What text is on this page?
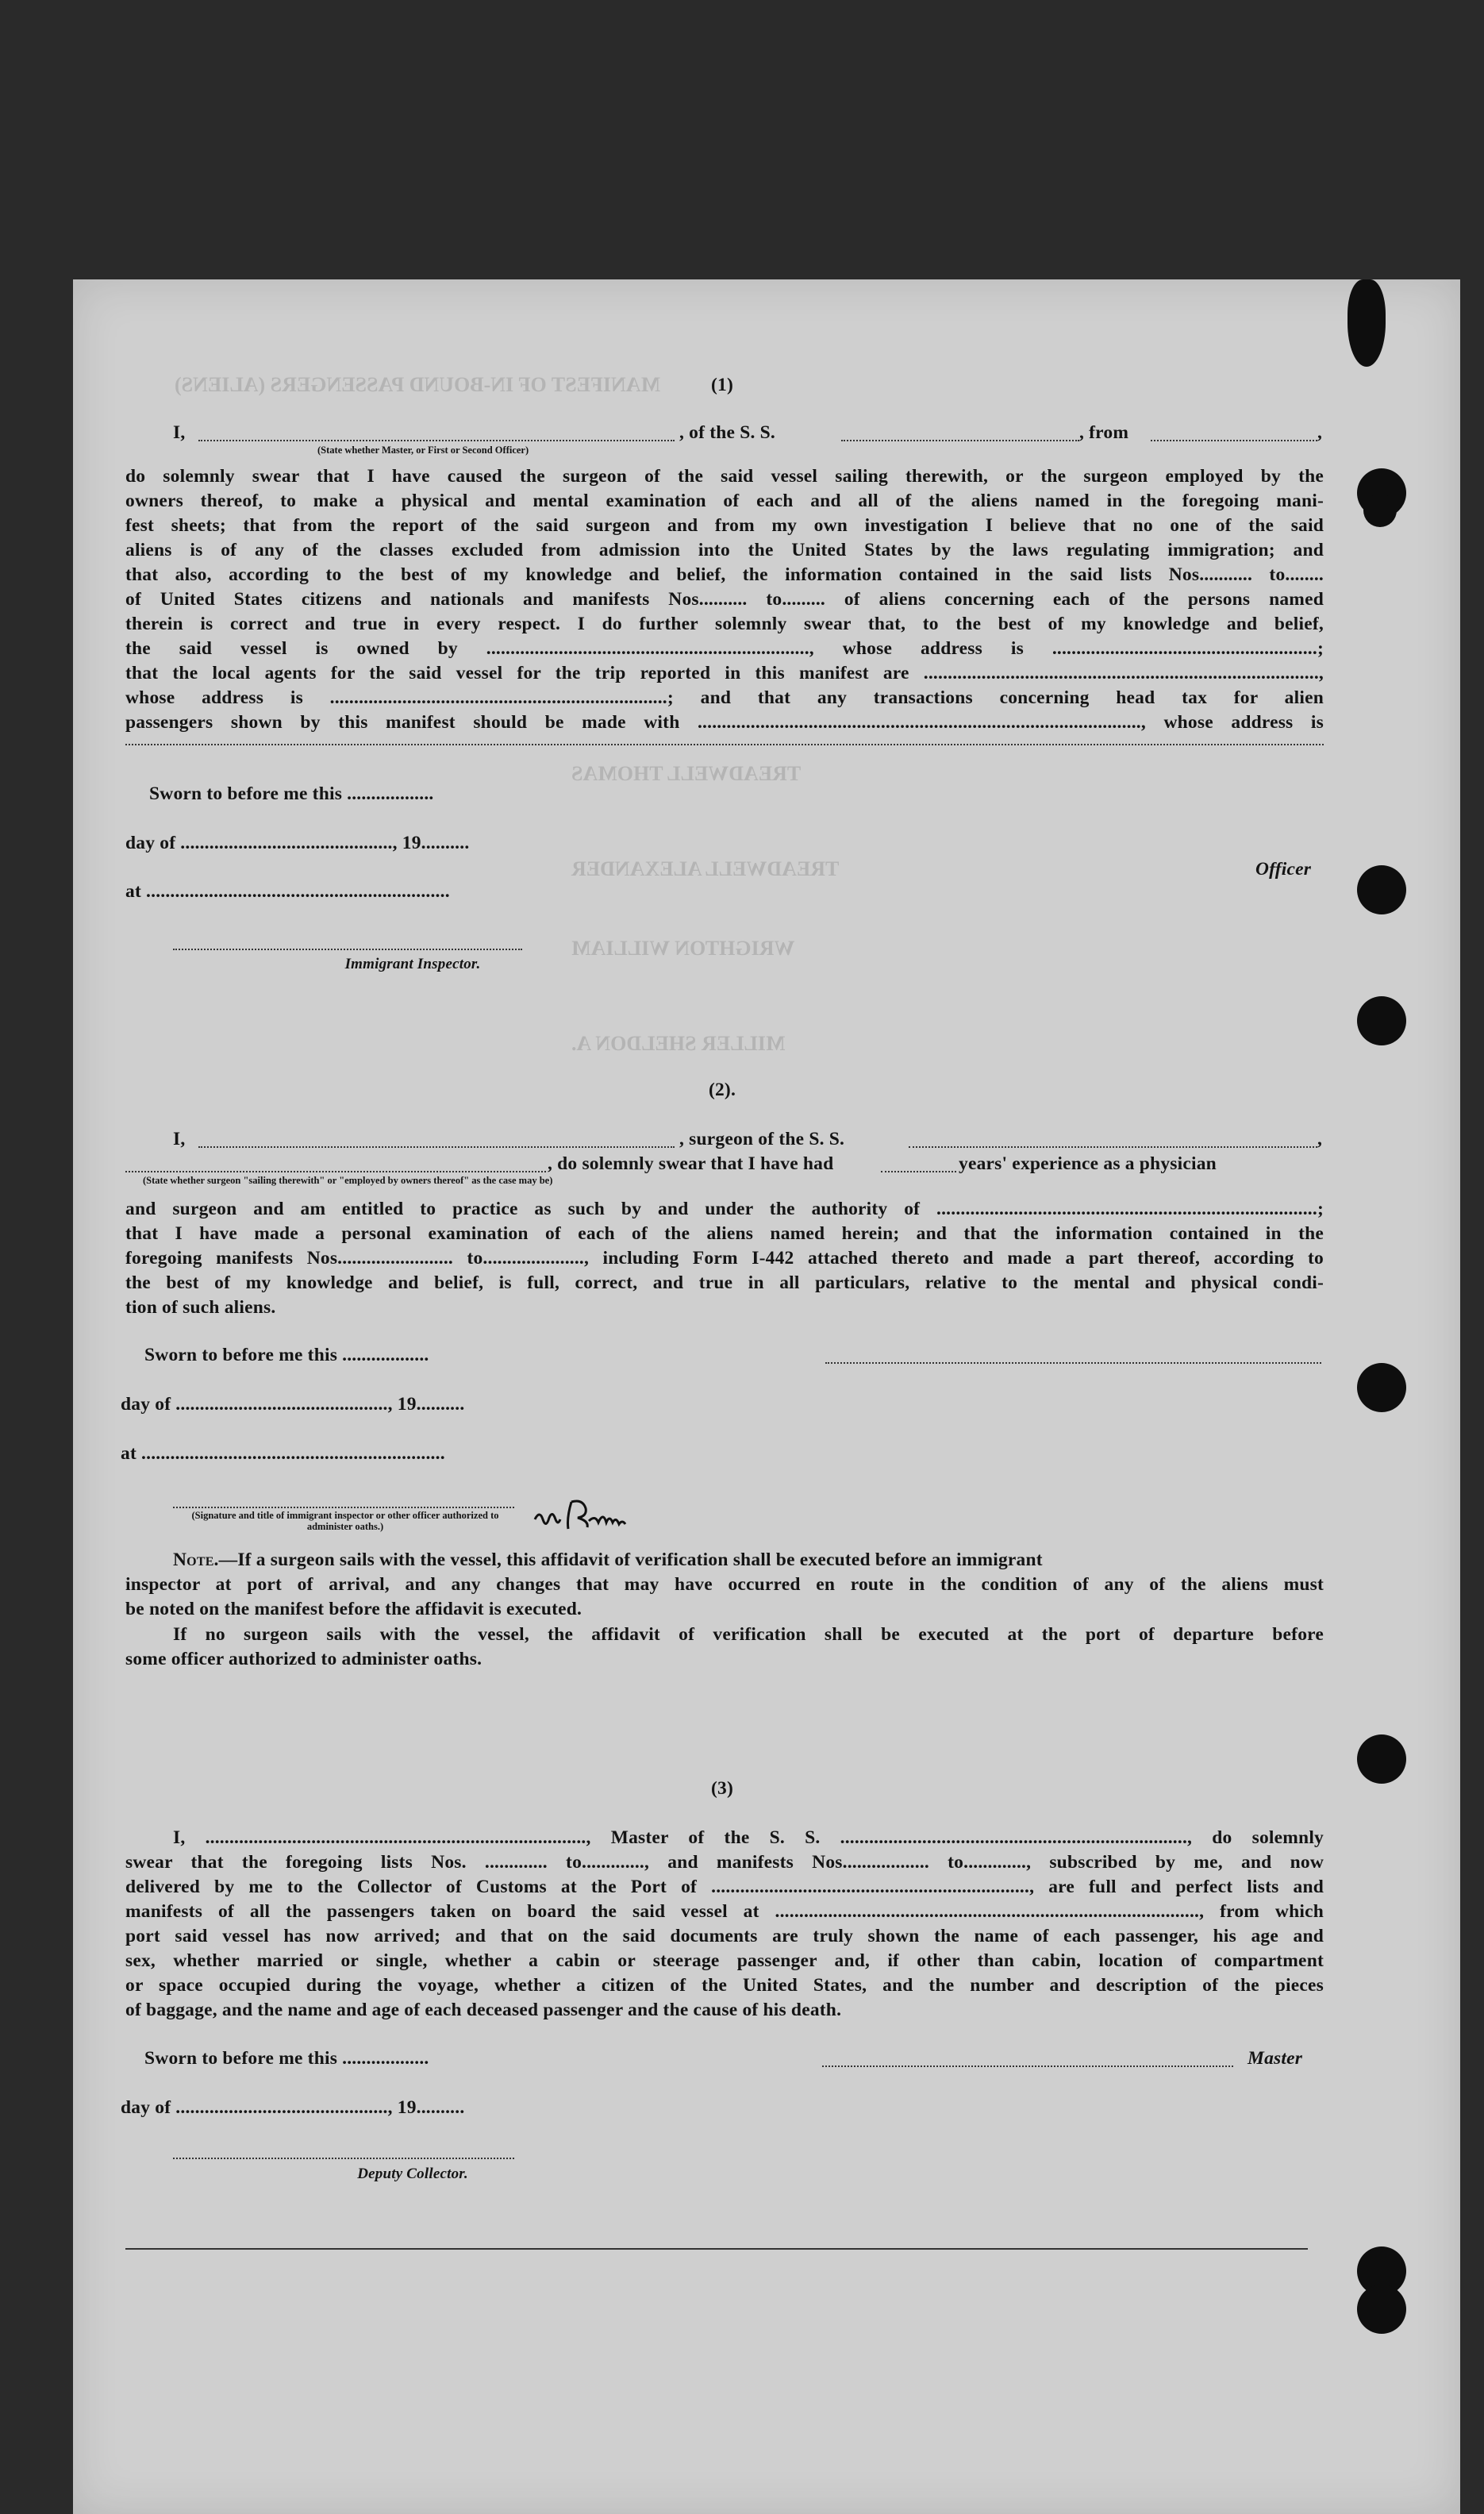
MANIFEST OF IN-BOUND PASSENGERS (ALIENS)
TREADWELL THOMAS
TREADWELL ALEXANDER
WRIGHTON WILLIAM
MILLER SHELDON A.
(1)
I,	, of the S. S.	, from	,
(State whether Master, or First or Second Officer)
do solemnly swear that I have caused the surgeon of the said vessel sailing therewith, or the surgeon employed by the
owners thereof, to make a physical and mental examination of each and all of the aliens named in the foregoing mani-
fest sheets; that from the report of the said surgeon and from my own investigation I believe that no one of the said
aliens is of any of the classes excluded from admission into the United States by the laws regulating immigration; and
that also, according to the best of my knowledge and belief, the information contained in the said lists Nos........... to........
of United States citizens and nationals and manifests Nos.......... to......... of aliens concerning each of the persons named
therein is correct and true in every respect. I do further solemnly swear that, to the best of my knowledge and belief,
the said vessel is owned by ..................................................................., whose address is .......................................................;
that the local agents for the said vessel for the trip reported in this manifest are ..................................................................................,
whose address is ......................................................................; and that any transactions concerning head tax for alien
passengers shown by this manifest should be made with ............................................................................................, whose address is
Sworn to before me this ..................
day of ............................................, 19..........
at ...............................................................
Officer
Immigrant Inspector.
(2).
I,	, surgeon of the S. S.	,
, do solemnly swear that I have had	years' experience as a physician
(State whether surgeon "sailing therewith" or "employed by owners thereof" as the case may be)
and surgeon and am entitled to practice as such by and under the authority of ...............................................................................;
that I have made a personal examination of each of the aliens named herein; and that the information contained in the
foregoing manifests Nos........................ to....................., including Form I-442 attached thereto and made a part thereof, according to
the best of my knowledge and belief, is full, correct, and true in all particulars, relative to the mental and physical condi-
tion of such aliens.
Sworn to before me this ..................
day of ............................................, 19..........
at ...............................................................
(Signature and title of immigrant inspector or other officer authorized to administer oaths.)
Note.—If a surgeon sails with the vessel, this affidavit of verification shall be executed before an immigrant
inspector at port of arrival, and any changes that may have occurred en route in the condition of any of the aliens must
be noted on the manifest before the affidavit is executed.
If no surgeon sails with the vessel, the affidavit of verification shall be executed at the port of departure before
some officer authorized to administer oaths.
(3)
I, ..............................................................................., Master of the S. S. ........................................................................, do solemnly
swear that the foregoing lists Nos. ............. to............., and manifests Nos.................. to............., subscribed by me, and now
delivered by me to the Collector of Customs at the Port of .................................................................., are full and perfect lists and
manifests of all the passengers taken on board the said vessel at ........................................................................................, from which
port said vessel has now arrived; and that on the said documents are truly shown the name of each passenger, his age and
sex, whether married or single, whether a cabin or steerage passenger and, if other than cabin, location of compartment
or space occupied during the voyage, whether a citizen of the United States, and the number and description of the pieces
of baggage, and the name and age of each deceased passenger and the cause of his death.
Sworn to before me this ..................	Master
day of ............................................, 19..........
Deputy Collector.
